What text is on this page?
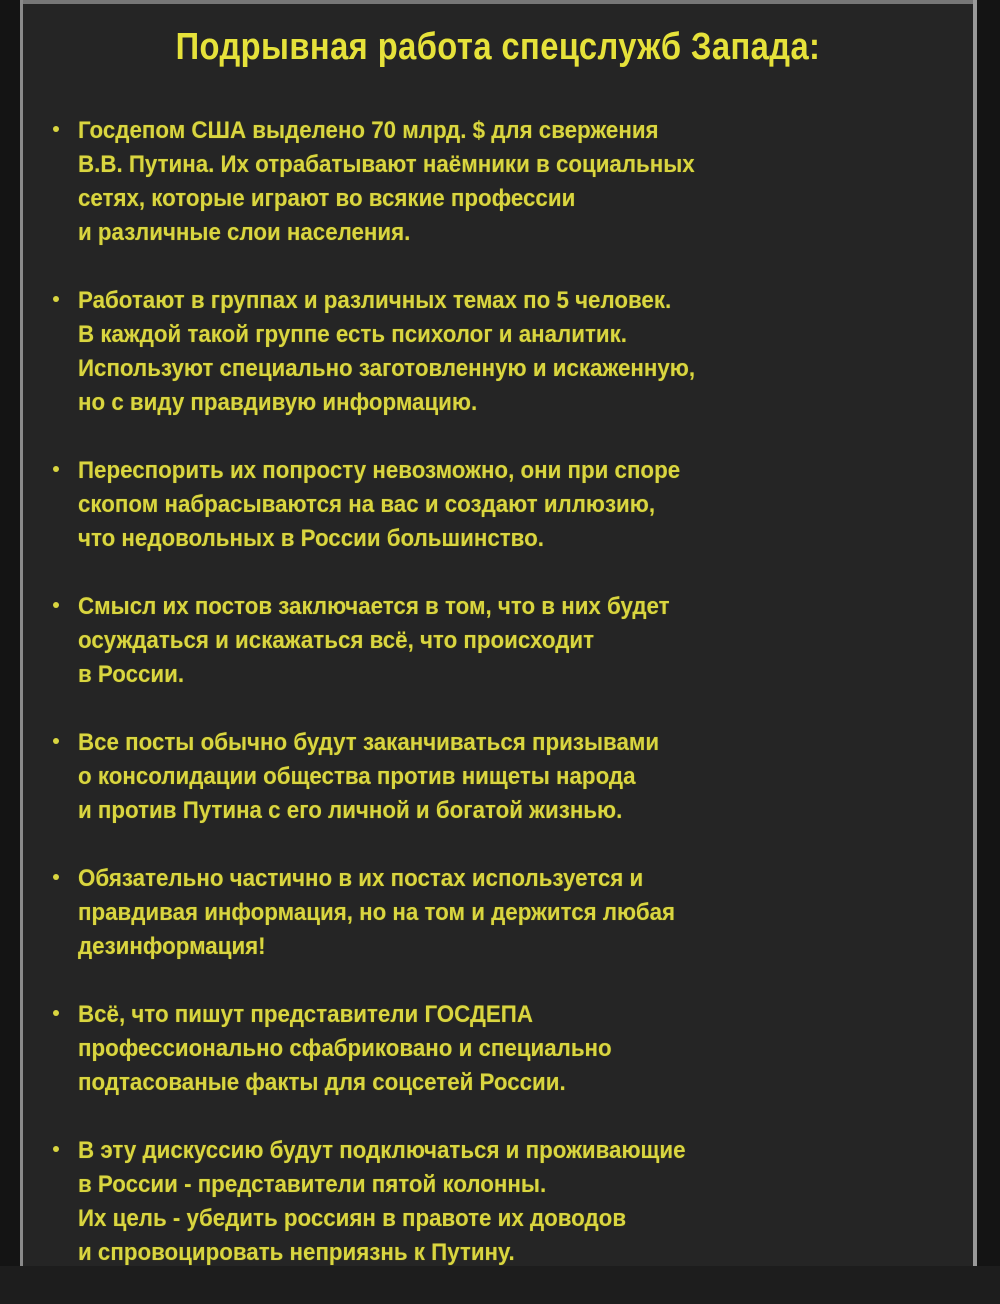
Подрывная работа спецслужб Запада:
Госдепом США выделено 70 млрд. $ для свержения
В.В. Путина. Их отрабатывают наёмники в социальных
сетях, которые играют во всякие профессии
и различные слои населения.
Работают в группах и различных темах по 5 человек.
В каждой такой группе есть психолог и аналитик.
Используют специально заготовленную и искаженную,
но с виду правдивую информацию.
Переспорить их попросту невозможно, они при споре
скопом набрасываются на вас и создают иллюзию,
что недовольных в России большинство.
Смысл их постов заключается в том, что в них будет
осуждаться и искажаться всё, что происходит
в России.
Все посты обычно будут заканчиваться призывами
о консолидации общества против нищеты народа
и против Путина с его личной и богатой жизнью.
Обязательно частично в их постах используется и
правдивая информация, но на том и держится любая
дезинформация!
Всё, что пишут представители ГОСДЕПА
профессионально сфабриковано и специально
подтасованые факты для соцсетей России.
В эту дискуссию будут подключаться и проживающие
в России - представители пятой колонны.
Их цель - убедить россиян в правоте их доводов
и спровоцировать неприязнь к Путину.
